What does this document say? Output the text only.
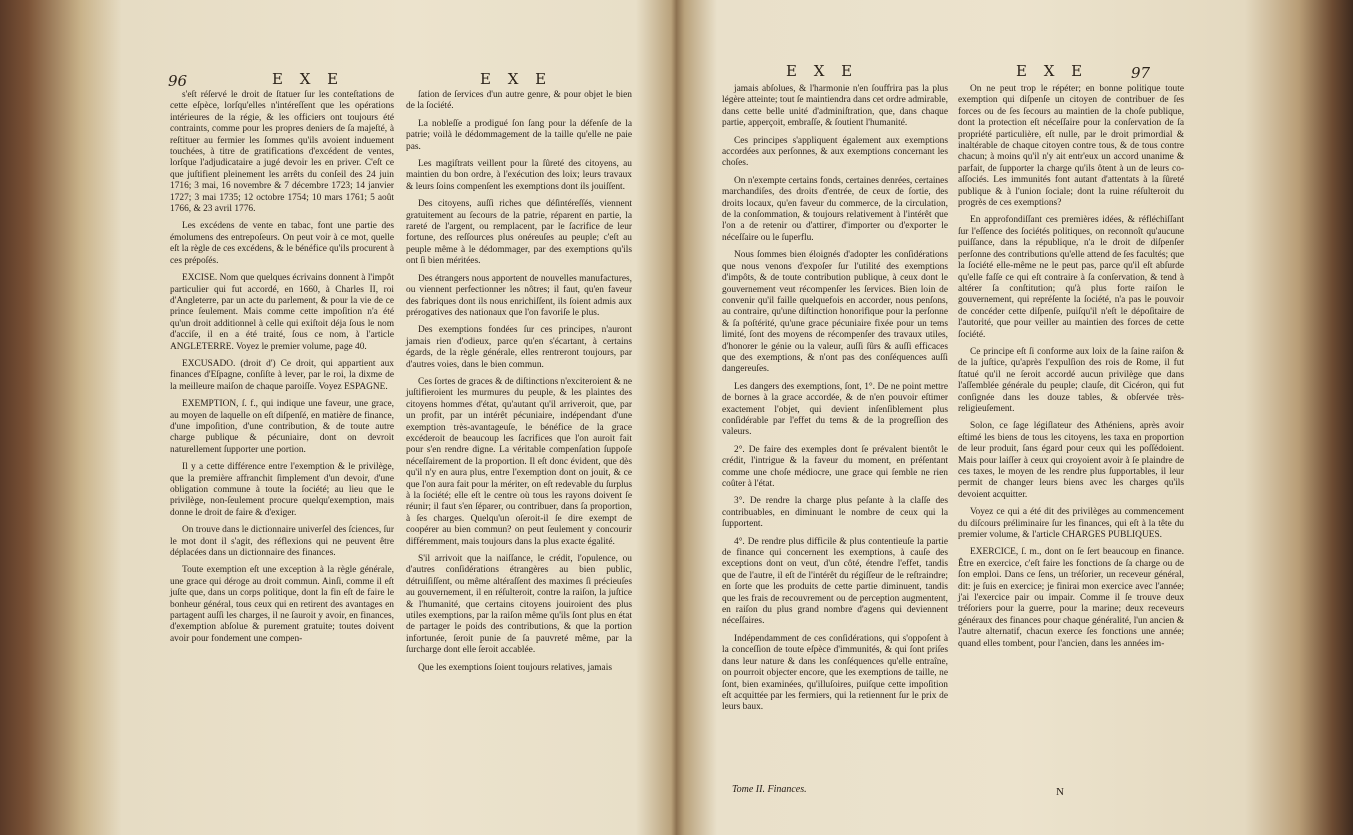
96	E X E	E X E

s'eſt réſervé le droit de ſtatuer ſur les conteſtations de cette eſpèce, lorſqu'elles n'intéreſſent que les opérations intérieures de la régie, & les officiers ont toujours été contraints, comme pour les propres deniers de ſa majeſté, à reſtituer au fermier les ſommes qu'ils avoient induement touchées, à titre de gratifications d'excédent de ventes, lorſque l'adjudicataire a jugé devoir les en priver. C'eſt ce que juſtifient pleinement les arrêts du conſeil des 24 juin 1716; 3 mai, 16 novembre & 7 décembre 1723; 14 janvier 1727; 3 mai 1735; 12 octobre 1754; 10 mars 1761; 5 août 1766, & 23 avril 1776.

Les excédens de vente en tabac, font une partie des émolumens des entrepoſeurs. On peut voir à ce mot, quelle eſt la règle de ces excédens, & le bénéfice qu'ils procurent à ces prépoſés.

EXCISE. Nom que quelques écrivains donnent à l'impôt particulier qui fut accordé, en 1660, à Charles II, roi d'Angleterre, par un acte du parlement, & pour la vie de ce prince ſeulement. Mais comme cette impoſition n'a été qu'un droit additionnel à celle qui exiſtoit déja ſous le nom d'acciſe, il en a été traité, ſous ce nom, à l'article ANGLETERRE. Voyez le premier volume, page 40.

EXCUSADO. (droit d') Ce droit, qui appartient aux finances d'Eſpagne, conſiſte à lever, par le roi, la dixme de la meilleure maiſon de chaque paroiſſe. Voyez ESPAGNE.

EXEMPTION, ſ. f., qui indique une faveur, une grace, au moyen de laquelle on eſt diſpenſé, en matière de finance, d'une impoſition, d'une contribution, & de toute autre charge publique & pécuniaire, dont on devroit naturellement ſupporter une portion.

Il y a cette différence entre l'exemption & le privilège, que la première affranchit ſimplement d'un devoir, d'une obligation commune à toute la ſociété; au lieu que le privilège, non-ſeulement procure quelqu'exemption, mais donne le droit de faire & d'exiger.

On trouve dans le dictionnaire univerſel des ſciences, ſur le mot dont il s'agit, des réflexions qui ne peuvent être déplacées dans un dictionnaire des finances.

Toute exemption eſt une exception à la règle générale, une grace qui déroge au droit commun. Ainſi, comme il eſt juſte que, dans un corps politique, dont la fin eſt de faire le bonheur général, tous ceux qui en retirent des avantages en partagent auſſi les charges, il ne ſauroit y avoir, en finances, d'exemption abſolue & purement gratuite; toutes doivent avoir pour fondement une compen-

ſation de ſervices d'un autre genre, & pour objet le bien de la ſociété.

La nobleſſe a prodigué ſon ſang pour la défenſe de la patrie; voilà le dédommagement de la taille qu'elle ne paie pas.

Les magiſtrats veillent pour la ſûreté des citoyens, au maintien du bon ordre, à l'exécution des loix; leurs travaux & leurs ſoins compenſent les exemptions dont ils jouiſſent.

Des citoyens, auſſi riches que déſintéreſſés, viennent gratuitement au ſecours de la patrie, réparent en partie, la rareté de l'argent, ou remplacent, par le ſacrifice de leur fortune, des reſſources plus onéreuſes au peuple; c'eſt au peuple même à le dédommager, par des exemptions qu'ils ont ſi bien méritées.

Des étrangers nous apportent de nouvelles manufactures, ou viennent perfectionner les nôtres; il faut, qu'en faveur des fabriques dont ils nous enrichiſſent, ils ſoient admis aux prérogatives des nationaux que l'on favoriſe le plus.

Des exemptions fondées ſur ces principes, n'auront jamais rien d'odieux, parce qu'en s'écartant, à certains égards, de la règle générale, elles rentreront toujours, par d'autres voies, dans le bien commun.

Ces ſortes de graces & de diſtinctions n'exciteroient & ne juſtifieroient les murmures du peuple, & les plaintes des citoyens hommes d'état, qu'autant qu'il arriveroit, que, par un profit, par un intérêt pécuniaire, indépendant d'une exemption très-avantageuſe, le bénéfice de la grace excéderoit de beaucoup les ſacrifices que l'on auroit fait pour s'en rendre digne. La véritable compenſation ſuppoſe néceſſairement de la proportion. Il eſt donc évident, que dès qu'il n'y en aura plus, entre l'exemption dont on jouit, & ce que l'on aura fait pour la mériter, on eſt redevable du ſurplus à la ſociété; elle eſt le centre où tous les rayons doivent ſe réunir; il faut s'en ſéparer, ou contribuer, dans ſa proportion, à ſes charges. Quelqu'un oſeroit-il ſe dire exempt de coopérer au bien commun? on peut ſeulement y concourir différemment, mais toujours dans la plus exacte égalité.

S'il arrivoit que la naiſſance, le crédit, l'opulence, ou d'autres conſidérations étrangères au bien public, détruiſiſſent, ou même altéraſſent des maximes ſi précieuſes au gouvernement, il en réſulteroit, contre la raiſon, la juſtice & l'humanité, que certains citoyens jouiroient des plus utiles exemptions, par la raiſon même qu'ils ſont plus en état de partager le poids des contributions, & que la portion infortunée, ſeroit punie de ſa pauvreté même, par la ſurcharge dont elle ſeroit accablée.

Que les exemptions ſoient toujours relatives, jamais

E X E	E X E	97

jamais abſolues, & l'harmonie n'en ſouffrira pas la plus légère atteinte; tout ſe maintiendra dans cet ordre admirable, dans cette belle unité d'adminiſtration, que, dans chaque partie, apperçoit, embraſſe, & ſoutient l'humanité.

Ces principes s'appliquent également aux exemptions accordées aux perſonnes, & aux exemptions concernant les choſes.

On n'exempte certains fonds, certaines denrées, certaines marchandiſes, des droits d'entrée, de ceux de ſortie, des droits locaux, qu'en faveur du commerce, de la circulation, de la conſommation, & toujours relativement à l'intérêt que l'on a de retenir ou d'attirer, d'importer ou d'exporter le néceſſaire ou le ſuperflu.

Nous ſommes bien éloignés d'adopter les conſidérations que nous venons d'expoſer ſur l'utilité des exemptions d'impôts, & de toute contribution publique, à ceux dont le gouvernement veut récompenſer les ſervices. Bien loin de convenir qu'il faille quelquefois en accorder, nous penſons, au contraire, qu'une diſtinction honorifique pour la perſonne & ſa poſtérité, qu'une grace pécuniaire fixée pour un tems limité, ſont des moyens de récompenſer des travaux utiles, d'honorer le génie ou la valeur, auſſi ſûrs & auſſi efficaces que des exemptions, & n'ont pas des conſéquences auſſi dangereuſes.

Les dangers des exemptions, ſont, 1°. De ne point mettre de bornes à la grace accordée, & de n'en pouvoir eſtimer exactement l'objet, qui devient inſenſiblement plus conſidérable par l'effet du tems & de la progreſſion des valeurs.

2°. De faire des exemples dont ſe prévalent bientôt le crédit, l'intrigue & la faveur du moment, en préſentant comme une choſe médiocre, une grace qui ſemble ne rien coûter à l'état.

3°. De rendre la charge plus peſante à la claſſe des contribuables, en diminuant le nombre de ceux qui la ſupportent.

4°. De rendre plus difficile & plus contentieuſe la partie de finance qui concernent les exemptions, à cauſe des exceptions dont on veut, d'un côté, étendre l'effet, tandis que de l'autre, il eſt de l'intérêt du régiſſeur de le reſtraindre; en ſorte que les produits de cette partie diminuent, tandis que les frais de recouvrement ou de perception augmentent, en raiſon du plus grand nombre d'agens qui deviennent néceſſaires.

Indépendamment de ces conſidérations, qui s'oppoſent à la conceſſion de toute eſpèce d'immunités, & qui ſont priſes dans leur nature & dans les conſéquences qu'elle entraîne, on pourroit objecter encore, que les exemptions de taille, ne ſont, bien examinées, qu'illuſoires, puiſque cette impoſition eſt acquittée par les fermiers, qui la retiennent ſur le prix de leurs baux.

On ne peut trop le répéter; en bonne politique toute exemption qui diſpenſe un citoyen de contribuer de ſes forces ou de ſes ſecours au maintien de la choſe publique, dont la protection eſt néceſſaire pour la conſervation de ſa propriété particulière, eſt nulle, par le droit primordial & inaltérable de chaque citoyen contre tous, & de tous contre chacun; à moins qu'il n'y ait entr'eux un accord unanime & parfait, de ſupporter la charge qu'ils ôtent à un de leurs co-aſſociés. Les immunités font autant d'attentats à la ſûreté publique & à l'union ſociale; dont la ruine réſulteroit du progrès de ces exemptions?

En approfondiſſant ces premières idées, & réfléchiſſant ſur l'eſſence des ſociétés politiques, on reconnoît qu'aucune puiſſance, dans la république, n'a le droit de diſpenſer perſonne des contributions qu'elle attend de ſes facultés; que la ſociété elle-même ne le peut pas, parce qu'il eſt abſurde qu'elle faſſe ce qui eſt contraire à ſa conſervation, & tend à altérer ſa conſtitution; qu'à plus forte raiſon le gouvernement, qui repréſente la ſociété, n'a pas le pouvoir de concéder cette diſpenſe, puiſqu'il n'eſt le dépoſitaire de l'autorité, que pour veiller au maintien des forces de cette ſociété.

Ce principe eſt ſi conforme aux loix de la ſaine raiſon & de la juſtice, qu'après l'expulſion des rois de Rome, il fut ſtatué qu'il ne ſeroit accordé aucun privilège que dans l'aſſemblée générale du peuple; clauſe, dit Cicéron, qui fut conſignée dans les douze tables, & obſervée très-religieuſement.

Solon, ce ſage légiſlateur des Athéniens, après avoir eſtimé les biens de tous les citoyens, les taxa en proportion de leur produit, ſans égard pour ceux qui les poſſédoient. Mais pour laiſſer à ceux qui croyoient avoir à ſe plaindre de ces taxes, le moyen de les rendre plus ſupportables, il leur permit de changer leurs biens avec les charges qu'ils devoient acquitter.

Voyez ce qui a été dit des privilèges au commencement du diſcours préliminaire ſur les finances, qui eſt à la tête du premier volume, & l'article CHARGES PUBLIQUES.

EXERCICE, ſ. m., dont on ſe ſert beaucoup en finance. Être en exercice, c'eſt faire les fonctions de ſa charge ou de ſon emploi. Dans ce ſens, un tréſorier, un receveur général, dit: je ſuis en exercice; je finirai mon exercice avec l'année; j'ai l'exercice pair ou impair. Comme il ſe trouve deux tréſoriers pour la guerre, pour la marine; deux receveurs généraux des finances pour chaque généralité, l'un ancien & l'autre alternatif, chacun exerce ſes fonctions une année; quand elles tombent, pour l'ancien, dans les années im-

Tome II. Finances.	N
